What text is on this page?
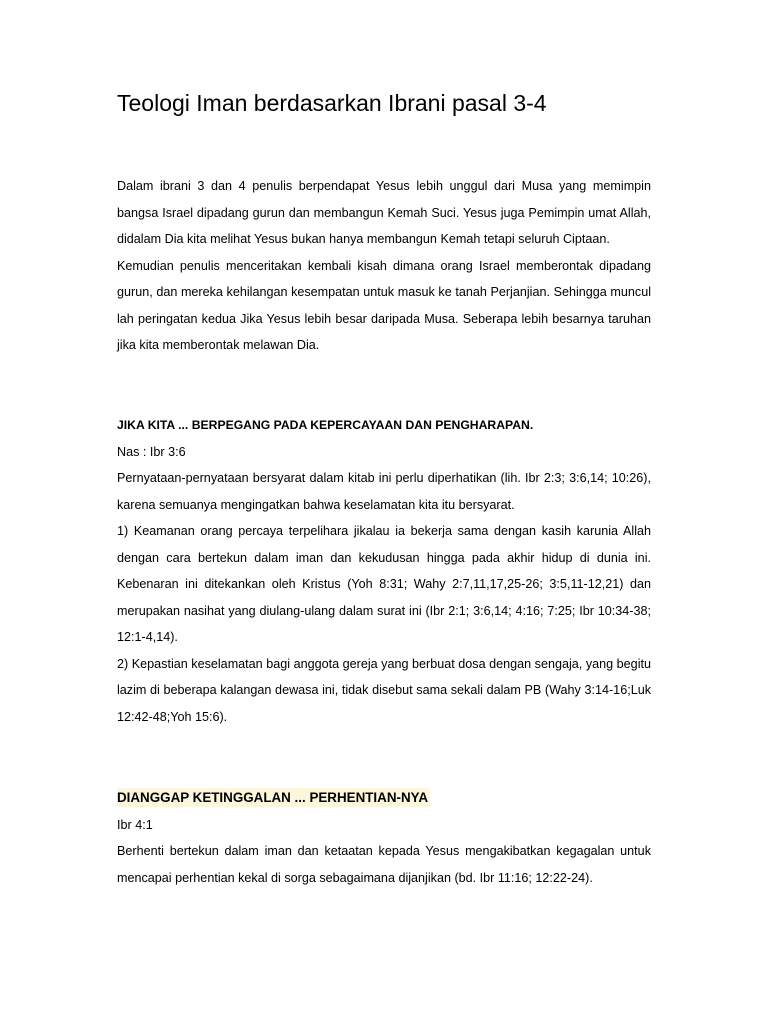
Teologi Iman berdasarkan Ibrani pasal 3-4

Dalam ibrani 3 dan 4 penulis berpendapat Yesus lebih unggul dari Musa yang memimpin bangsa Israel dipadang gurun dan membangun Kemah Suci. Yesus juga Pemimpin umat Allah, didalam Dia kita melihat Yesus bukan hanya membangun Kemah tetapi seluruh Ciptaan.

Kemudian penulis menceritakan kembali kisah dimana orang Israel memberontak dipadang gurun, dan mereka kehilangan kesempatan untuk masuk ke tanah Perjanjian. Sehingga muncul lah peringatan kedua Jika Yesus lebih besar daripada Musa. Seberapa lebih besarnya taruhan jika kita memberontak melawan Dia.

JIKA KITA ... BERPEGANG PADA KEPERCAYAAN DAN PENGHARAPAN.

Nas : Ibr 3:6

Pernyataan-pernyataan bersyarat dalam kitab ini perlu diperhatikan (lih. Ibr 2:3; 3:6,14; 10:26), karena semuanya mengingatkan bahwa keselamatan kita itu bersyarat.

1) Keamanan orang percaya terpelihara jikalau ia bekerja sama dengan kasih karunia Allah dengan cara bertekun dalam iman dan kekudusan hingga pada akhir hidup di dunia ini. Kebenaran ini ditekankan oleh Kristus (Yoh 8:31; Wahy 2:7,11,17,25-26; 3:5,11-12,21) dan merupakan nasihat yang diulang-ulang dalam surat ini (Ibr 2:1; 3:6,14; 4:16; 7:25; Ibr 10:34-38; 12:1-4,14).

2) Kepastian keselamatan bagi anggota gereja yang berbuat dosa dengan sengaja, yang begitu lazim di beberapa kalangan dewasa ini, tidak disebut sama sekali dalam PB (Wahy 3:14-16;Luk 12:42-48;Yoh 15:6).

DIANGGAP KETINGGALAN ... PERHENTIAN-NYA

Ibr 4:1

Berhenti bertekun dalam iman dan ketaatan kepada Yesus mengakibatkan kegagalan untuk mencapai perhentian kekal di sorga sebagaimana dijanjikan (bd. Ibr 11:16; 12:22-24).
